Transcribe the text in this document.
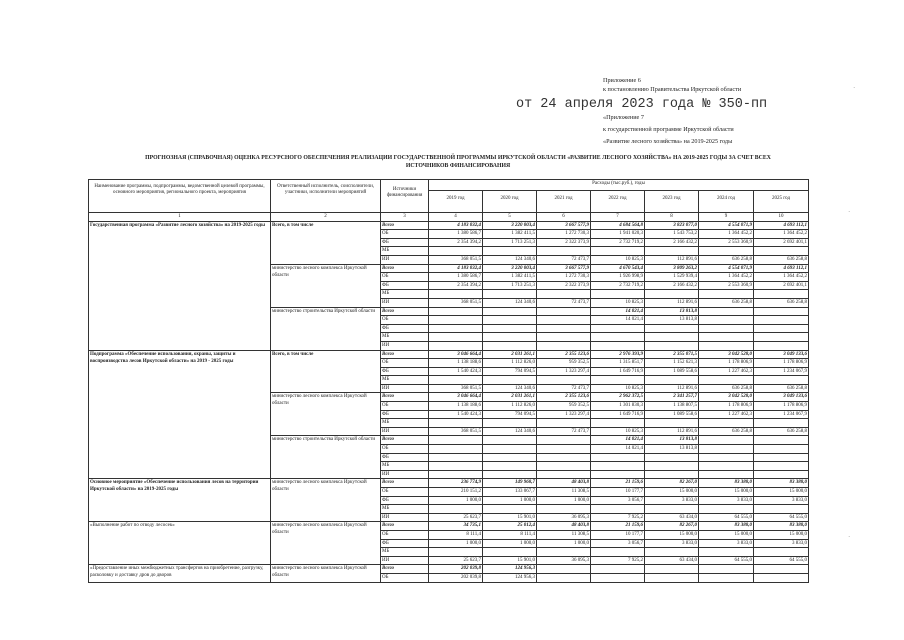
Приложение 6
к постановлению Правительства Иркутской области
от 24 апреля 2023 года № 350-пп
«Приложение 7
к государственной программе Иркутской области
«Развитие лесного хозяйства» на 2019-2025 годы
ПРОГНОЗНАЯ (СПРАВОЧНАЯ) ОЦЕНКА РЕСУРСНОГО ОБЕСПЕЧЕНИЯ РЕАЛИЗАЦИИ ГОСУДАРСТВЕННОЙ ПРОГРАММЫ ИРКУТСКОЙ ОБЛАСТИ «РАЗВИТИЕ ЛЕСНОГО ХОЗЯЙСТВА» НА 2019-2025 ГОДЫ ЗА СЧЕТ ВСЕХ
ИСТОЧНИКОВ ФИНАНСИРОВАНИЯ
·
·
·
Наименование программы, подпрограммы, ведомственной целевой программы, основного мероприятия, регионального проекта, мероприятия	Ответственный исполнитель, соисполнители, участники, исполнители мероприятий	Источники финансирования	Расходы (тыс.руб.), годы						
			2019 год	2020 год	2021 год	2022 год	2023 год	2024 год	2025 год
1	2	3	4	5	6	7	8	9	10
Государственная программа «Развитие лесного хозяйства» на 2019-2025 годы	Всего, в том числе	Всего	4 183 032,4	3 220 003,4	3 667 577,9	4 684 564,8	3 823 077,0	4 554 071,9	4 693 112,1
		ОБ	1 380 586,7	1 382 411,5	1 272 730,3	1 941 020,3	1 543 753,2	1 364 452,2	1 364 452,2
		ФБ	2 354 394,2	1 713 251,3	2 322 373,9	2 732 719,2	2 166 432,2	2 553 360,9	2 692 401,1
		МБ							
		ИИ	368 051,5	124 340,6	72 473,7	10 825,3	112 891,6	636 258,8	636 258,8
	министерство лесного комплекса Иркутской области	Всего	4 183 032,4	3 220 003,4	3 667 577,9	4 670 543,4	3 809 263,2	4 554 071,9	4 693 112,1
		ОБ	1 380 586,7	1 382 411,5	1 272 730,3	1 926 998,9	1 529 939,4	1 364 452,2	1 364 452,2
		ФБ	2 354 394,2	1 713 251,3	2 322 373,9	2 732 719,2	2 166 432,2	2 553 360,9	2 692 401,1
		МБ							
		ИИ	368 051,5	124 340,6	72 473,7	10 825,3	112 891,6	636 258,8	636 258,8
	министерство строительства Иркутской области	Всего				14 021,4	13 813,8		
		ОБ				14 021,4	13 813,8		
		ФБ							
		МБ							
		ИИ							
Подпрограмма «Обеспечение использования, охраны, защиты и воспроизводства лесов Иркутской области» на 2019 - 2025 годы	Всего, в том числе	Всего	3 046 664,4	2 031 261,1	2 355 123,6	2 976 393,9	2 355 071,5	3 042 528,0	3 049 133,6
		ОБ	1 138 188,6	1 112 826,0	959 352,5	1 315 851,7	1 152 621,3	1 178 806,9	1 178 806,9
		ФБ	1 540 424,3	794 094,5	1 323 297,4	1 649 716,9	1 089 558,6	1 227 462,3	1 234 067,9
		МБ							
		ИИ	368 051,5	124 340,6	72 473,7	10 825,3	112 891,6	636 258,8	636 258,8
	министерство лесного комплекса Иркутской области	Всего	3 046 664,4	2 031 261,1	2 355 123,6	2 962 372,5	2 341 257,7	3 042 528,0	3 049 133,6
		ОБ	1 138 188,6	1 112 826,0	959 352,5	1 301 830,3	1 138 807,5	1 178 806,9	1 178 806,9
		ФБ	1 540 424,3	794 094,5	1 323 297,4	1 649 716,9	1 089 558,6	1 227 462,3	1 234 067,9
		МБ							
		ИИ	368 051,5	124 340,6	72 473,7	10 825,3	112 891,6	636 258,8	636 258,8
	министерство строительства Иркутской области	Всего				14 021,4	13 813,8		
		ОБ				14 021,4	13 813,8		
		ФБ							
		МБ							
		ИИ							
Основное мероприятие «Обеспечение использования лесов на территории Иркутской области» на 2019-2025 годы	министерство лесного комплекса Иркутской области	Всего	236 774,9	149 968,7	48 403,8	21 159,6	82 267,0	83 388,0	83 388,0
		ОБ	210 151,2	133 067,7	11 308,5	10 177,7	15 000,0	15 000,0	15 000,0
		ФБ	1 000,0	1 000,0	1 000,0	3 056,7	3 833,0	3 833,0	3 833,0
		МБ							
		ИИ	25 623,7	15 901,0	36 095,3	7 925,2	63 434,0	64 555,0	64 555,0
«Выполнение работ по отводу лесосек»	министерство лесного комплекса Иркутской области	Всего	34 735,1	25 012,4	48 403,8	21 159,6	82 267,0	83 388,0	83 388,0
		ОБ	8 111,4	8 111,4	11 308,5	10 177,7	15 000,0	15 000,0	15 000,0
		ФБ	1 000,0	1 000,0	1 000,0	3 056,7	3 833,0	3 833,0	3 833,0
		МБ							
		ИИ	25 623,7	15 901,0	36 095,3	7 925,2	63 434,0	64 555,0	64 555,0
«Предоставление иных межбюджетных трансфертов на приобретение, разгрузку, расколовку и доставку дров до дворов	министерство лесного комплекса Иркутской области	Всего	202 039,8	124 956,3					
		ОБ	202 039,8	124 956,3					
